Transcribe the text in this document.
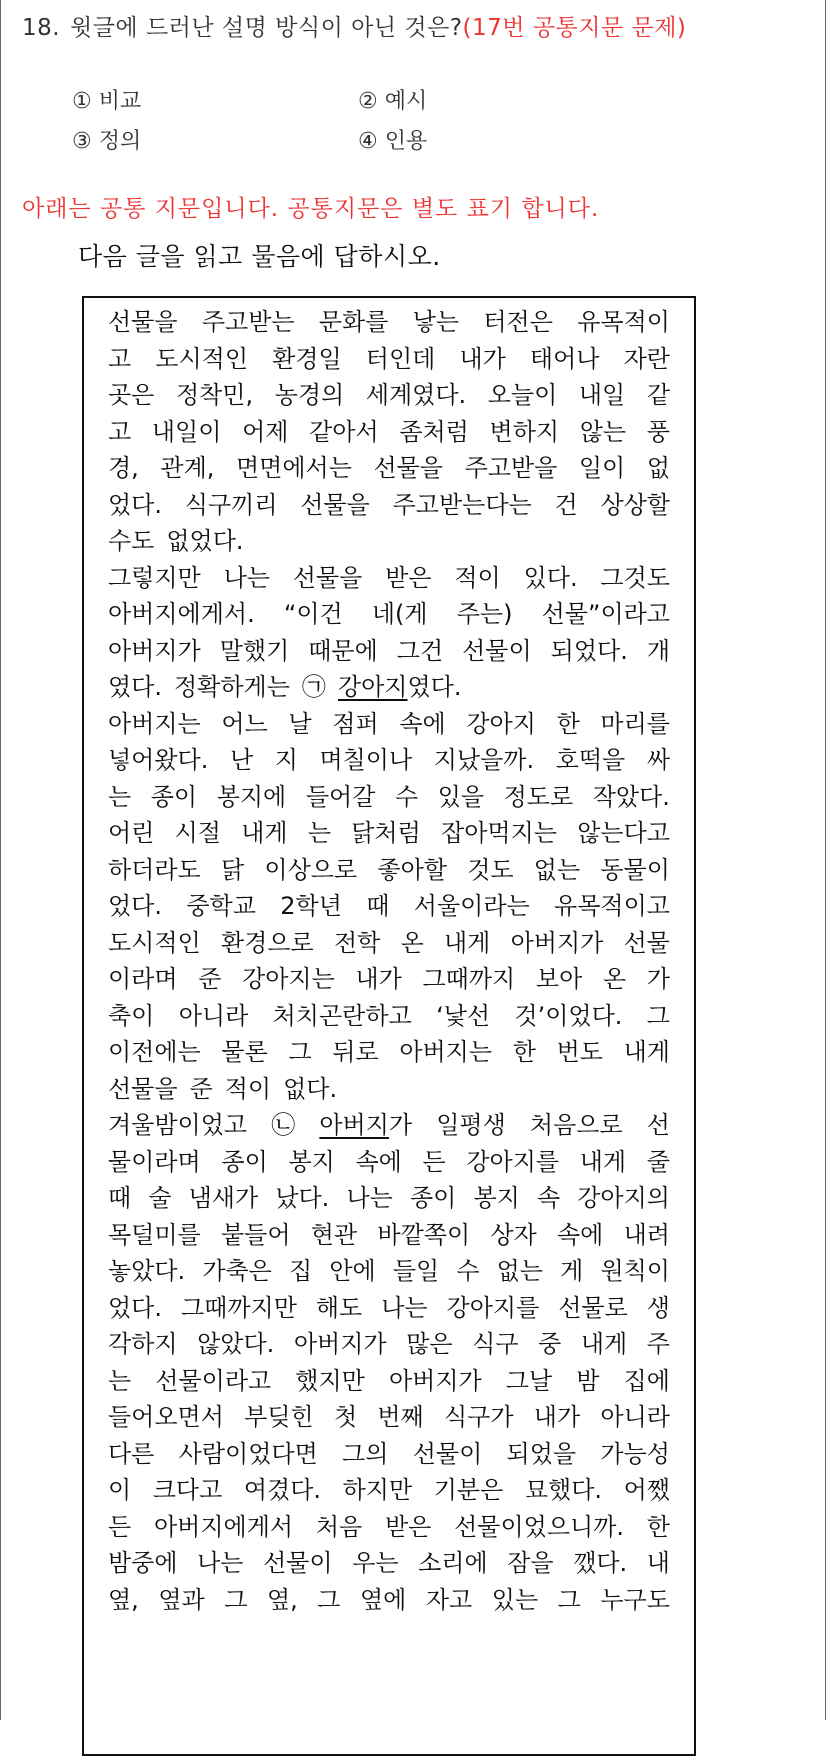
18. 윗글에 드러난 설명 방식이 아닌 것은?(17번 공통지문 문제)
① 비교	② 예시
③ 정의	④ 인용
아래는 공통 지문입니다. 공통지문은 별도 표기 합니다.
다음 글을 읽고 물음에 답하시오.
선물을 주고받는 문화를 낳는 터전은 유목적이
고 도시적인 환경일 터인데 내가 태어나 자란
곳은 정착민, 농경의 세계였다. 오늘이 내일 같
고 내일이 어제 같아서 좀처럼 변하지 않는 풍
경, 관계, 면면에서는 선물을 주고받을 일이 없
었다. 식구끼리 선물을 주고받는다는 건 상상할
수도 없었다.
그렇지만 나는 선물을 받은 적이 있다. 그것도
아버지에게서. “이건 네(게 주는) 선물”이라고
아버지가 말했기 때문에 그건 선물이 되었다. 개
였다. 정확하게는 ㉠ 강아지였다.
아버지는 어느 날 점퍼 속에 강아지 한 마리를
넣어왔다. 난 지 며칠이나 지났을까. 호떡을 싸
는 종이 봉지에 들어갈 수 있을 정도로 작았다.
어린 시절 내게 는 닭처럼 잡아먹지는 않는다고
하더라도 닭 이상으로 좋아할 것도 없는 동물이
었다. 중학교 2학년 때 서울이라는 유목적이고
도시적인 환경으로 전학 온 내게 아버지가 선물
이라며 준 강아지는 내가 그때까지 보아 온 가
축이 아니라 처치곤란하고 ‘낯선 것’이었다. 그
이전에는 물론 그 뒤로 아버지는 한 번도 내게
선물을 준 적이 없다.
겨울밤이었고 ㉡ 아버지가 일평생 처음으로 선
물이라며 종이 봉지 속에 든 강아지를 내게 줄
때 술 냄새가 났다. 나는 종이 봉지 속 강아지의
목덜미를 붙들어 현관 바깥쪽이 상자 속에 내려
놓았다. 가축은 집 안에 들일 수 없는 게 원칙이
었다. 그때까지만 해도 나는 강아지를 선물로 생
각하지 않았다. 아버지가 많은 식구 중 내게 주
는 선물이라고 했지만 아버지가 그날 밤 집에
들어오면서 부딪힌 첫 번째 식구가 내가 아니라
다른 사람이었다면 그의 선물이 되었을 가능성
이 크다고 여겼다. 하지만 기분은 묘했다. 어쨌
든 아버지에게서 처음 받은 선물이었으니까. 한
밤중에 나는 선물이 우는 소리에 잠을 깼다. 내
옆, 옆과 그 옆, 그 옆에 자고 있는 그 누구도
